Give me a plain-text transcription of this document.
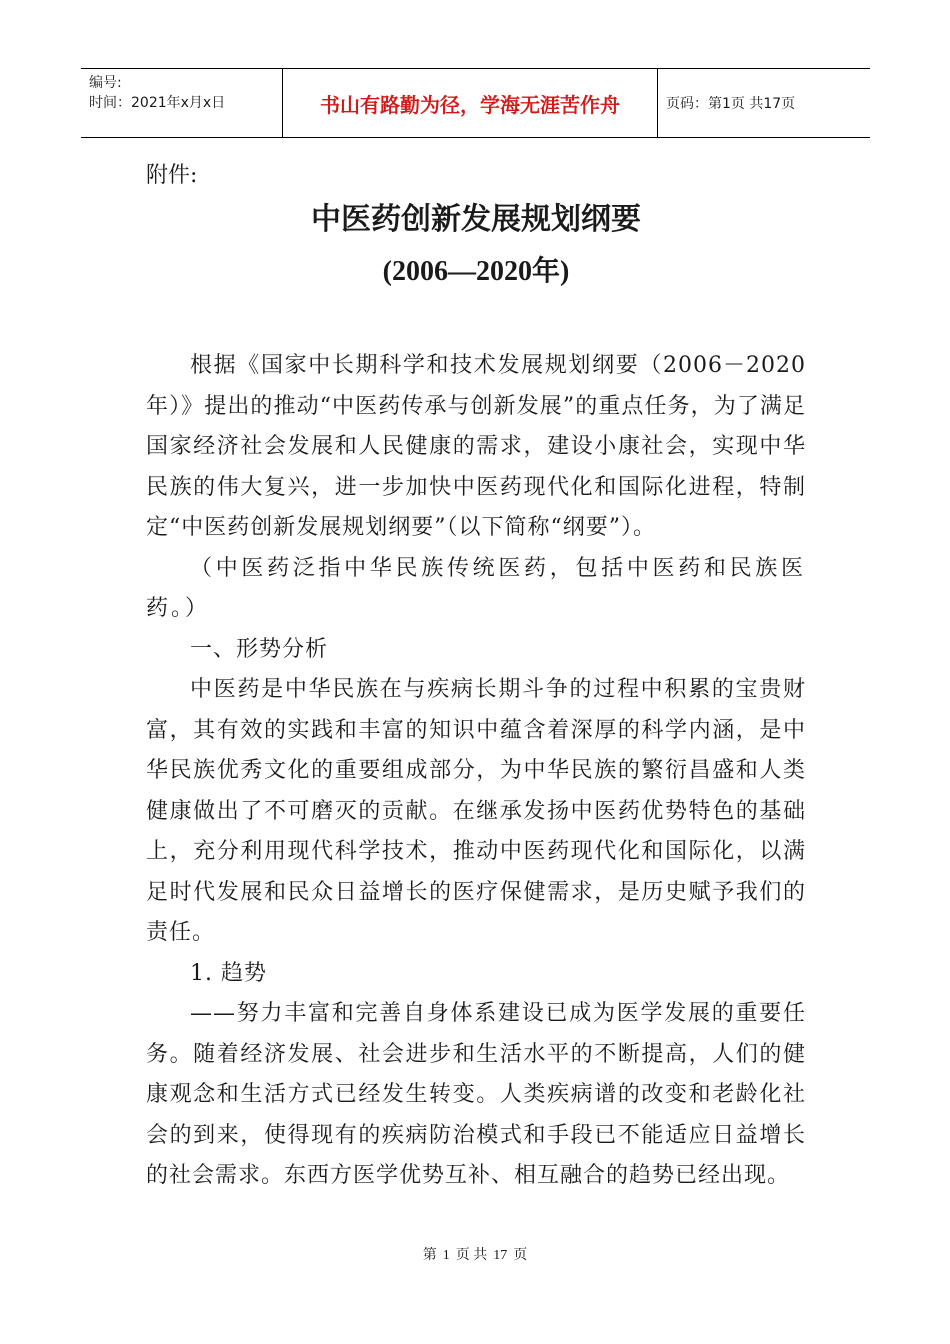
编号:
时间：2021年x月x日	书山有路勤为径，学海无涯苦作舟	页码：第1页 共17页
附件:
中医药创新发展规划纲要
(2006—2020年)

根据《国家中长期科学和技术发展规划纲要（2006－2020年）》提出的推动“中医药传承与创新发展”的重点任务，为了满足国家经济社会发展和人民健康的需求，建设小康社会，实现中华民族的伟大复兴，进一步加快中医药现代化和国际化进程，特制定“中医药创新发展规划纲要”（以下简称“纲要”）。

（中医药泛指中华民族传统医药，包括中医药和民族医药。）

一、形势分析

中医药是中华民族在与疾病长期斗争的过程中积累的宝贵财富，其有效的实践和丰富的知识中蕴含着深厚的科学内涵，是中华民族优秀文化的重要组成部分，为中华民族的繁衍昌盛和人类健康做出了不可磨灭的贡献。在继承发扬中医药优势特色的基础上，充分利用现代科学技术，推动中医药现代化和国际化，以满足时代发展和民众日益增长的医疗保健需求，是历史赋予我们的责任。

1. 趋势

——努力丰富和完善自身体系建设已成为医学发展的重要任务。随着经济发展、社会进步和生活水平的不断提高，人们的健康观念和生活方式已经发生转变。人类疾病谱的改变和老龄化社会的到来，使得现有的疾病防治模式和手段已不能适应日益增长的社会需求。东西方医学优势互补、相互融合的趋势已经出现。

第 1 页 共 17 页
